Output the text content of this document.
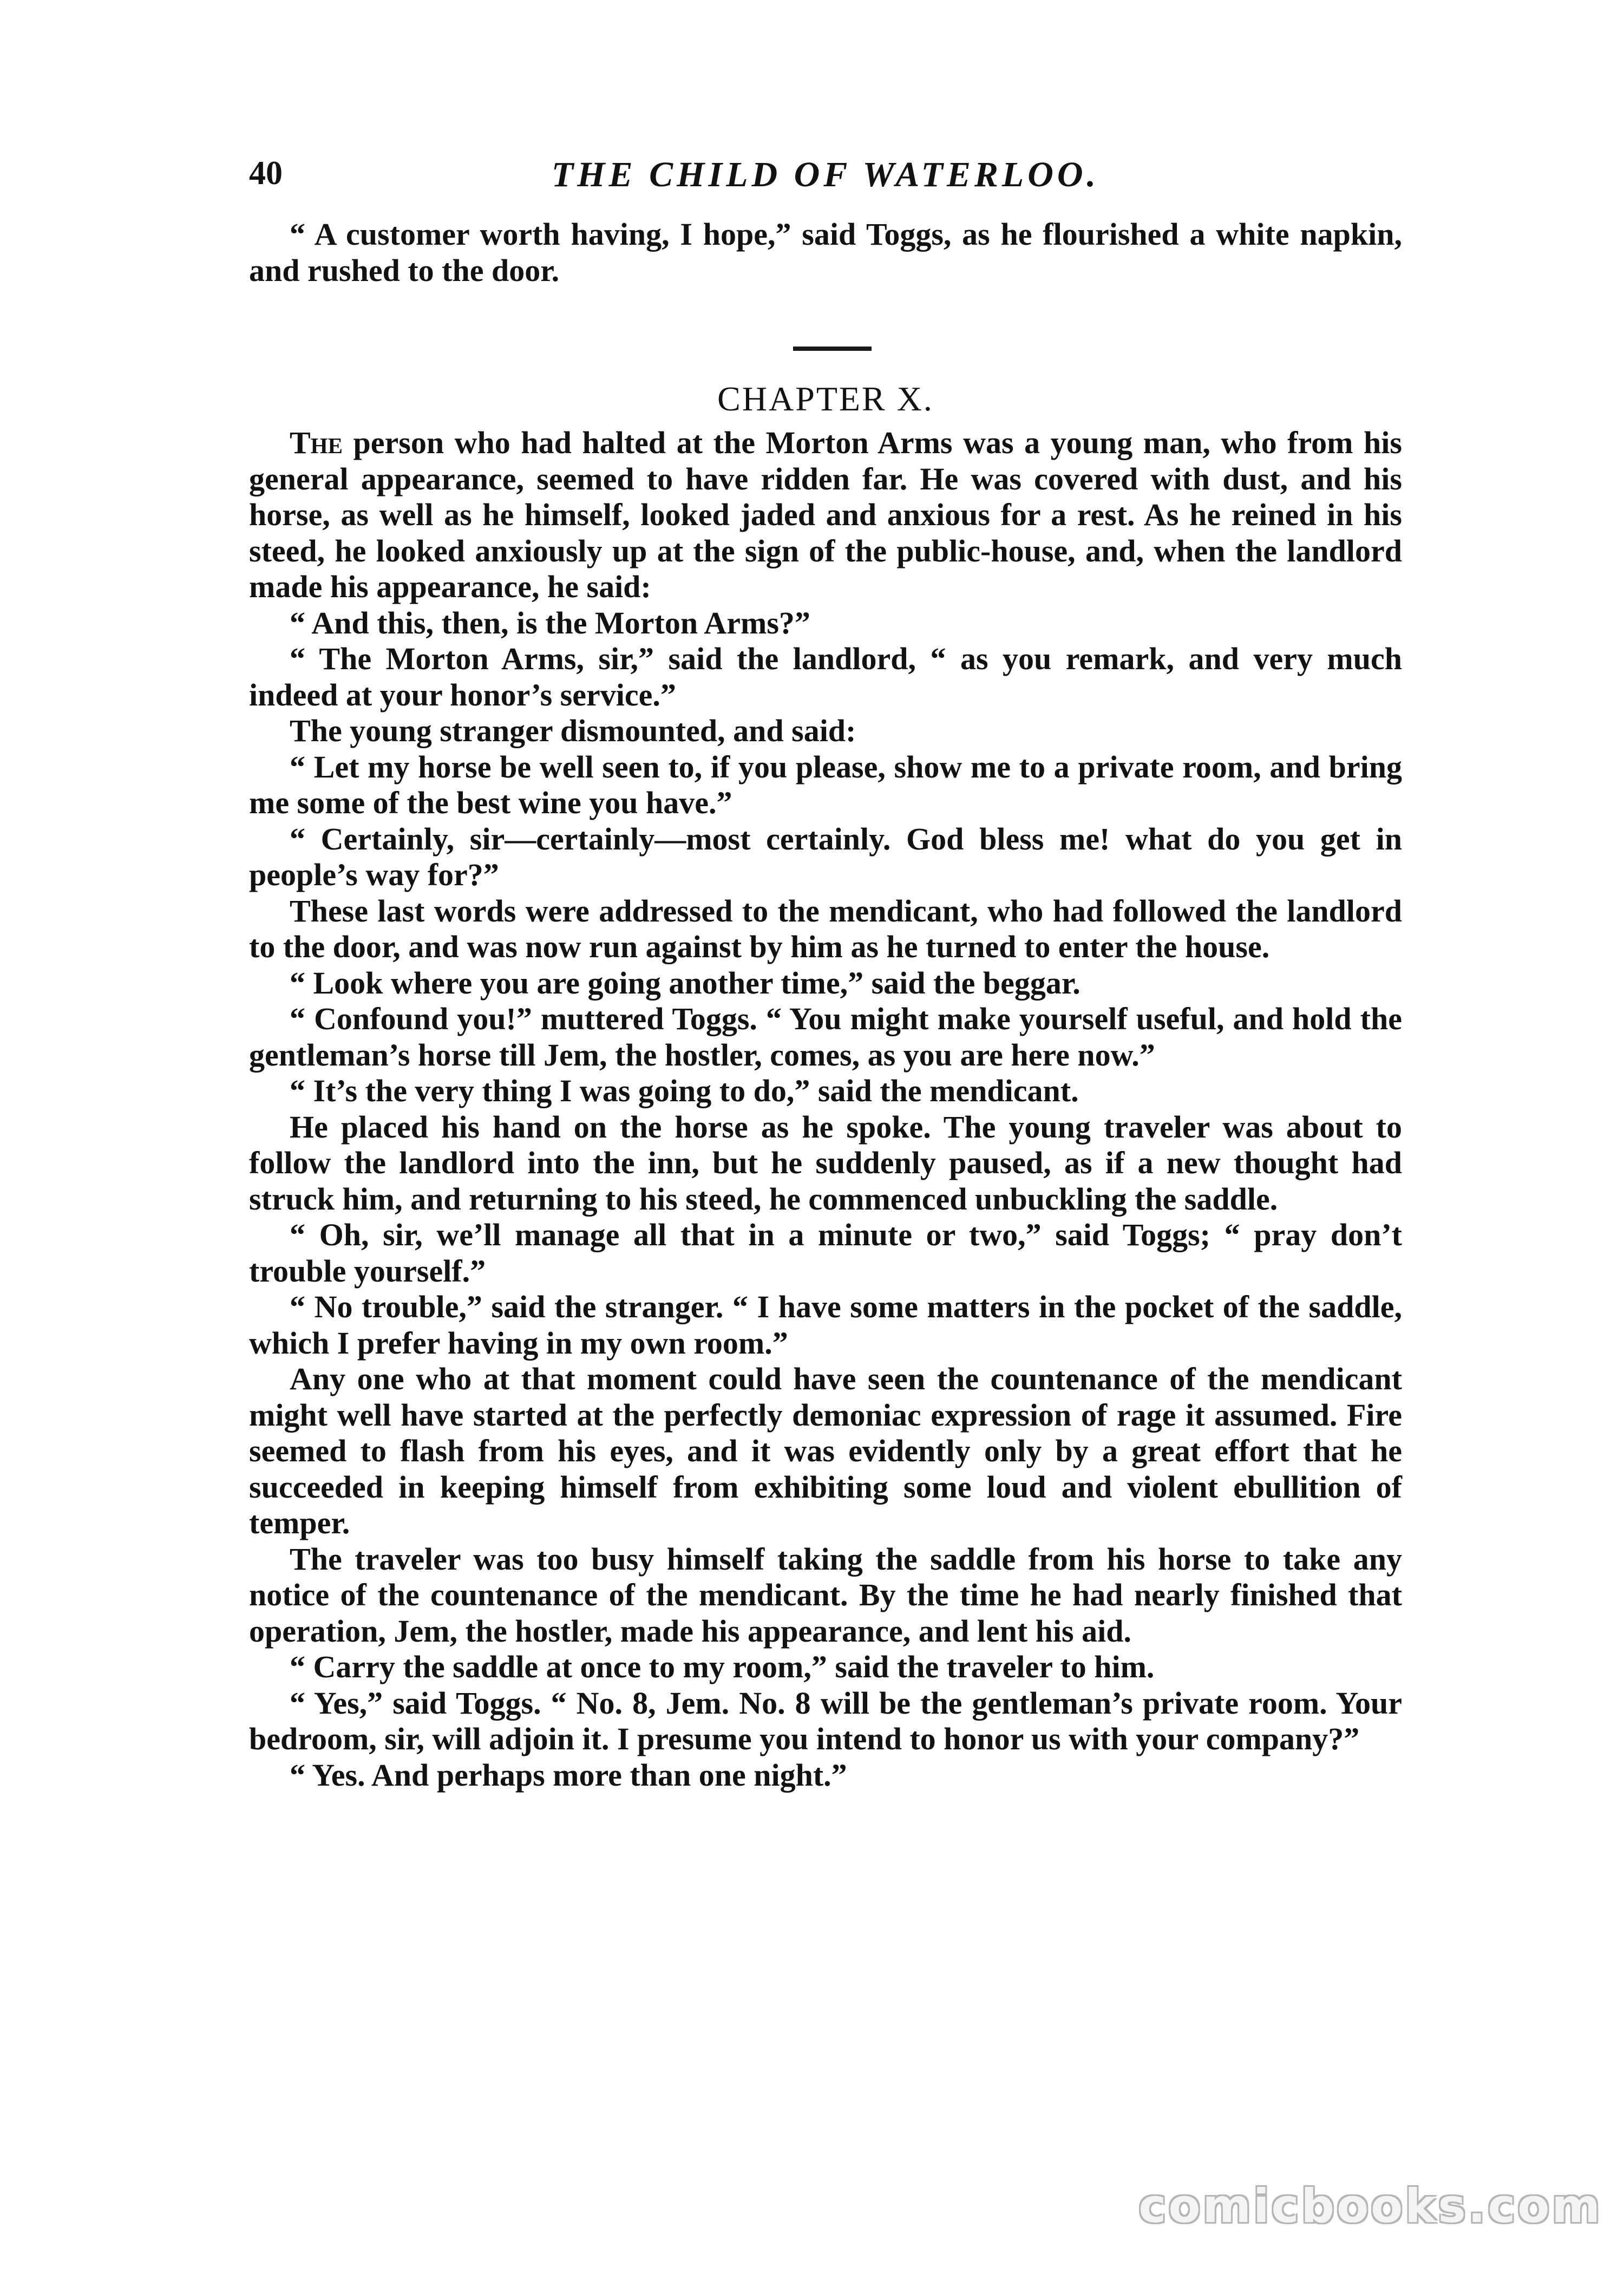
40	THE CHILD OF WATERLOO.

“ A customer worth having, I hope,” said Toggs, as he flourished a white napkin, and rushed to the door.

CHAPTER X.

The person who had halted at the Morton Arms was a young man, who from his general appearance, seemed to have ridden far. He was covered with dust, and his horse, as well as he himself, looked jaded and anxious for a rest. As he reined in his steed, he looked anxiously up at the sign of the public-house, and, when the landlord made his appearance, he said:

“ And this, then, is the Morton Arms?”

“ The Morton Arms, sir,” said the landlord, “ as you remark, and very much indeed at your honor’s service.”

The young stranger dismounted, and said:

“ Let my horse be well seen to, if you please, show me to a private room, and bring me some of the best wine you have.”

“ Certainly, sir—certainly—most certainly. God bless me! what do you get in people’s way for?”

These last words were addressed to the mendicant, who had followed the landlord to the door, and was now run against by him as he turned to enter the house.

“ Look where you are going another time,” said the beggar.

“ Confound you!” muttered Toggs. “ You might make yourself useful, and hold the gentleman’s horse till Jem, the hostler, comes, as you are here now.”

“ It’s the very thing I was going to do,” said the mendicant.

He placed his hand on the horse as he spoke. The young traveler was about to follow the landlord into the inn, but he suddenly paused, as if a new thought had struck him, and returning to his steed, he commenced unbuckling the saddle.

“ Oh, sir, we’ll manage all that in a minute or two,” said Toggs; “ pray don’t trouble yourself.”

“ No trouble,” said the stranger. “ I have some matters in the pocket of the saddle, which I prefer having in my own room.”

Any one who at that moment could have seen the countenance of the mendicant might well have started at the perfectly demoniac expression of rage it assumed. Fire seemed to flash from his eyes, and it was evidently only by a great effort that he succeeded in keeping himself from exhibiting some loud and violent ebullition of temper.

The traveler was too busy himself taking the saddle from his horse to take any notice of the countenance of the mendicant. By the time he had nearly finished that operation, Jem, the hostler, made his appearance, and lent his aid.

“ Carry the saddle at once to my room,” said the traveler to him.

“ Yes,” said Toggs. “ No. 8, Jem. No. 8 will be the gentleman’s private room. Your bedroom, sir, will adjoin it. I presume you intend to honor us with your company?”

“ Yes. And perhaps more than one night.”

comicbooks.com
